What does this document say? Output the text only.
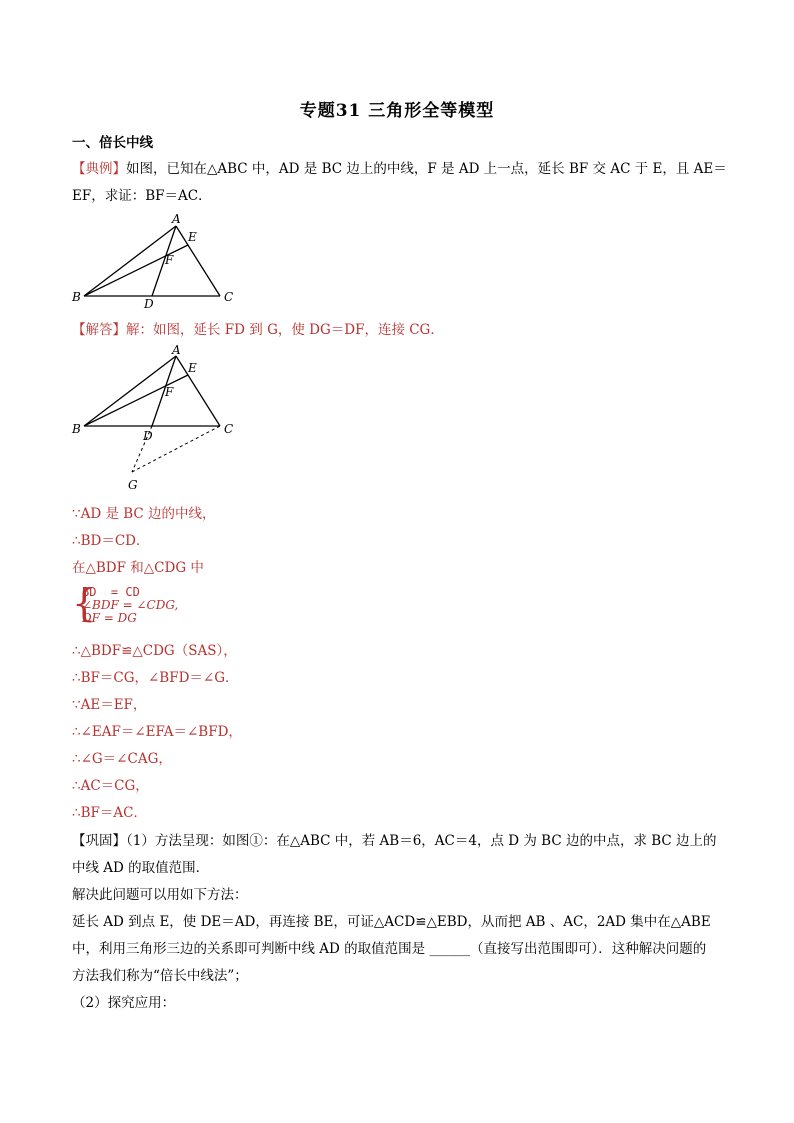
专题31 三角形全等模型
一、倍长中线
【典例】如图，已知在△ABC 中，AD 是 BC 边上的中线，F 是 AD 上一点，延长 BF 交 AC 于 E，且 AE＝
EF，求证：BF＝AC．
A
E
F
B	D	C
【解答】解：如图，延长 FD 到 G，使 DG＝DF，连接 CG．
A
E
F
B	D	C
G
∵AD 是 BC 边的中线，
∴BD＝CD．
在△BDF 和△CDG 中
{
BD  = CD
∠BDF = ∠CDG,
DF = DG
∴△BDF≌△CDG（SAS），
∴BF＝CG，∠BFD＝∠G．
∵AE＝EF，
∴∠EAF＝∠EFA＝∠BFD，
∴∠G＝∠CAG，
∴AC＝CG，
∴BF＝AC．
【巩固】（1）方法呈现：如图①：在△ABC 中，若 AB＝6，AC＝4，点 D 为 BC 边的中点，求 BC 边上的
中线 AD 的取值范围．
解决此问题可以用如下方法：
延长 AD 到点 E，使 DE＝AD，再连接 BE，可证△ACD≌△EBD，从而把 AB 、AC，2AD 集中在△ABE
中，利用三角形三边的关系即可判断中线 AD 的取值范围是 ______（直接写出范围即可）．这种解决问题的
方法我们称为“倍长中线法”；
（2）探究应用：
